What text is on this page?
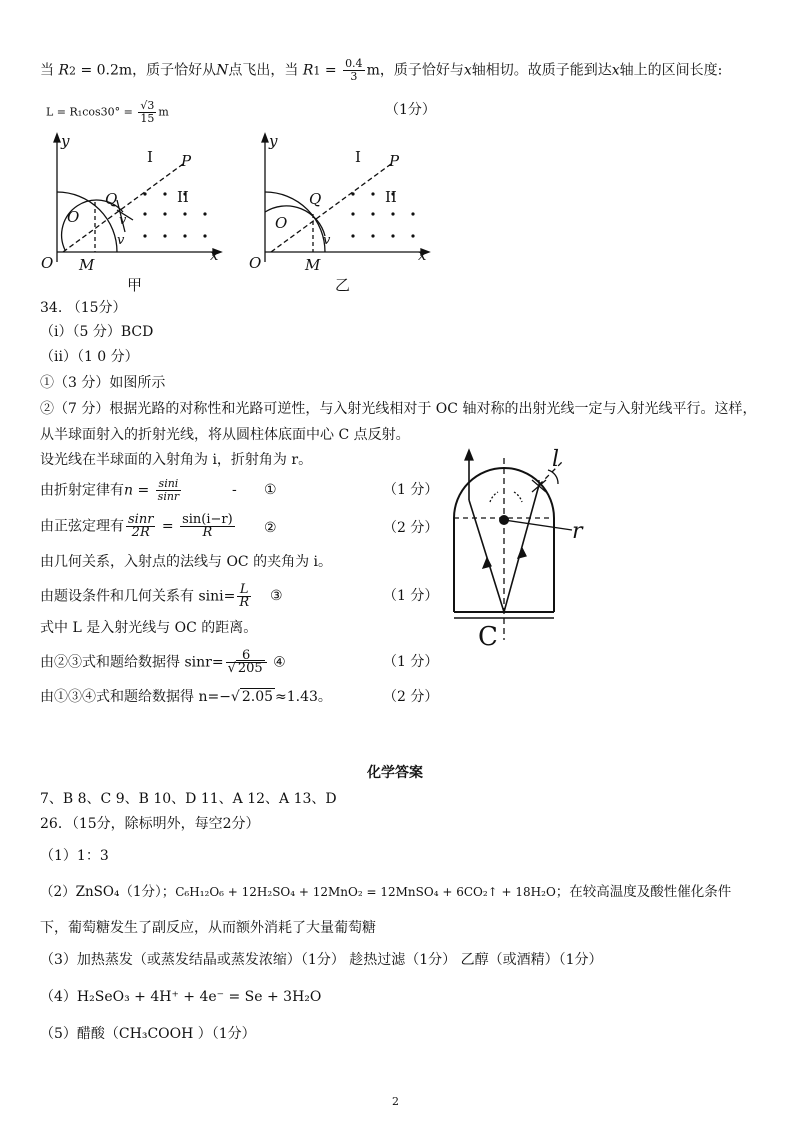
当 R2 = 0.2m，质子恰好从N点飞出，当 $R1 = \frac{0.4}{3}$ m，质子恰好与x轴相切。故质子能到达x轴上的区间长度:
$L = R_1\cos 30^\circ = \frac{√3}{15}$ m	（1分）
y
x
O M
Q
P
O	v
v
I
II
甲
y
x
O	M
Q
P
O
v
I
II
乙
34. （15分）
（i）（5 分）BCD
（ii）（1 0 分）
①（3 分）如图所示
②（7 分）根据光路的对称性和光路可逆性，与入射光线相对于 OC 轴对称的出射光线一定与入射光线平行。这样，
从半球面射入的折射光线，将从圆柱体底面中心 C 点反射。
设光线在半球面的入射角为 i，折射角为 r。
由折射定律有$n = \frac{\sin i}{\sin r}$	- ①	（1 分）
由正弦定理有 $\frac{\sin r}{2R} = \frac{\sin(i-r)}{R}$ ②	（2 分）
由几何关系，入射点的法线与 OC 的夹角为 i。
由题设条件和几何关系有 $\sin i= \frac{L}{R}$ ③	（1 分）
式中 L 是入射光线与 OC 的距离。
由②③式和题给数据得 $\sin r= \frac{6}{√ 205}$ ④	（1 分）
由①③④式和题给数据得 n=−√ 2.05 ≈1.43。	（2 分）
l
r
C
化学答案
7、B 8、C 9、B 10、D 11、A 12、A 13、D
26．（15分，除标明外，每空2分）
（1）1：3
（2）ZnSO₄（1分）；C₆H₁₂O₆ + 12H₂SO₄ + 12MnO₂ = 12MnSO₄ + 6CO₂↑ + 18H₂O；在较高温度及酸性催化条件
下，葡萄糖发生了副反应，从而额外消耗了大量葡萄糖
（3）加热蒸发（或蒸发结晶或蒸发浓缩）（1分） 趁热过滤（1分） 乙醇（或酒精）（1分）
（4）H₂SeO₃ + 4H⁺ + 4e⁻ = Se + 3H₂O
（5）醋酸（CH₃COOH ）（1分）
2
